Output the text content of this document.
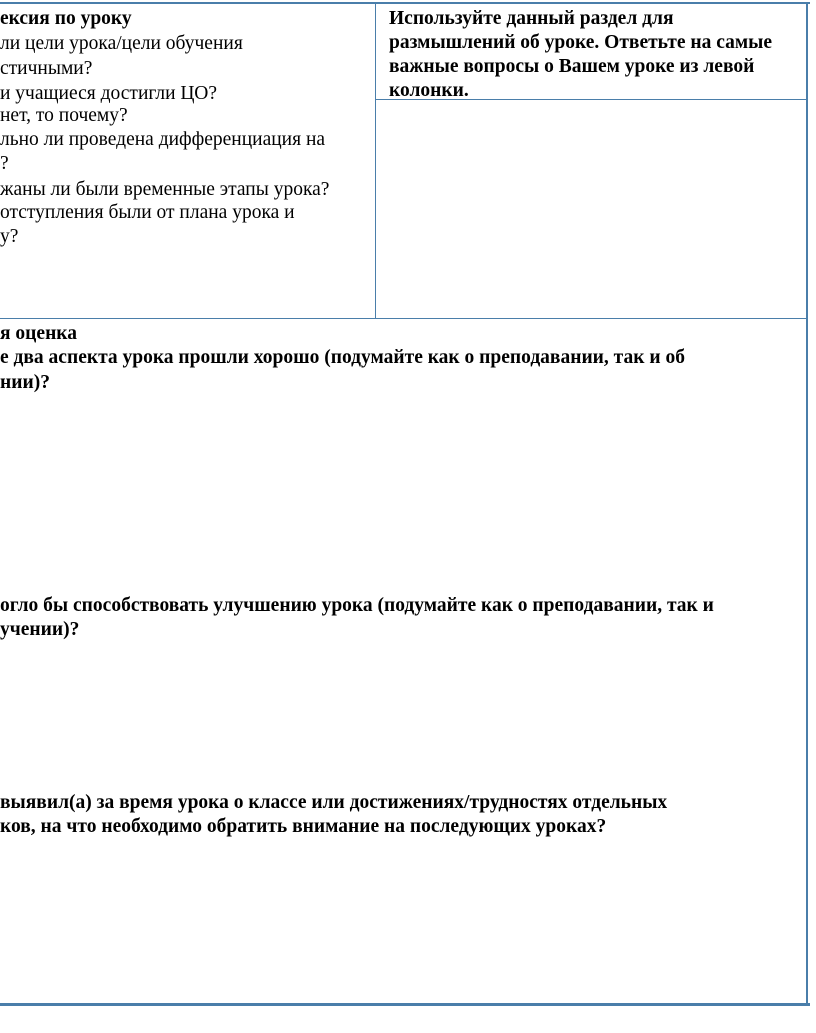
ексия по уроку
ли цели урока/цели обучения
стичными?
и учащиеся достигли ЦО?
нет, то почему?
льно ли проведена дифференциация на
?
жаны ли были временные этапы урока?
отступления были от плана урока и
у?
Используйте данный раздел для
размышлений об уроке. Ответьте на самые
важные вопросы о Вашем уроке из левой
колонки.
я оценка
е два аспекта урока прошли хорошо (подумайте как о преподавании, так и об
нии)?
огло бы способствовать улучшению урока (подумайте как о преподавании, так и
учении)?
выявил(а) за время урока о классе или достижениях/трудностях отдельных
ков, на что необходимо обратить внимание на последующих уроках?
